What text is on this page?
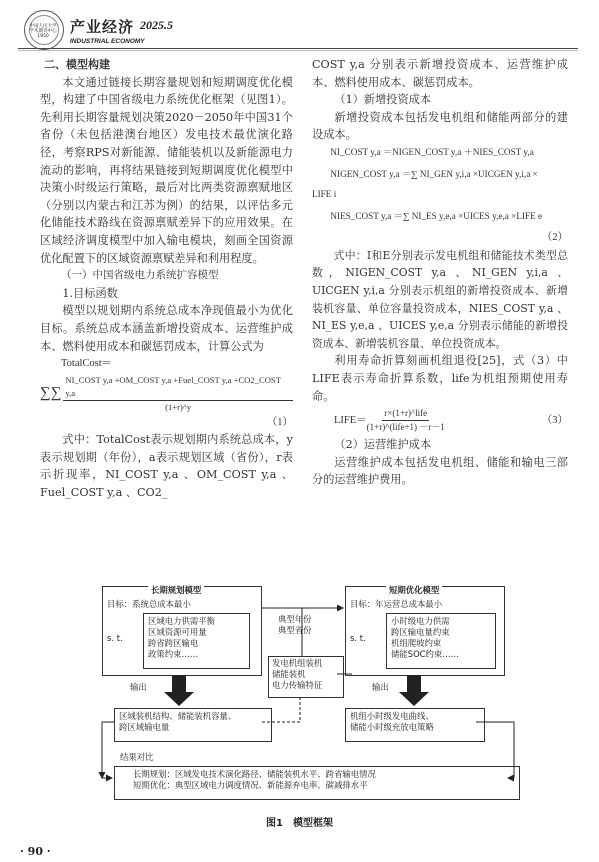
中国人民大学
学术期刊中心
1950
产业经济 2025.5
INDUSTRIAL ECONOMY

二、模型构建

本文通过链接长期容量规划和短期调度优化模型，构建了中国省级电力系统优化框架（见图1）。先利用长期容量规划决策2020－2050年中国31个省份（未包括港澳台地区）发电技术最优演化路径，考察RPS对新能源、储能装机以及新能源电力流动的影响，再将结果链接到短期调度优化模型中决策小时级运行策略，最后对比两类资源禀赋地区（分别以内蒙古和江苏为例）的结果，以评估多元化储能技术路线在资源禀赋差异下的应用效果。在区域经济调度模型中加入输电模块，刻画全国资源优化配置下的区域资源禀赋差异和利用程度。

（一）中国省级电力系统扩容模型

1.目标函数

模型以规划期内系统总成本净现值最小为优化目标。系统总成本涵盖新增投资成本、运营维护成本、燃料使用成本和碳惩罚成本，计算公式为

TotalCost＝

∑∑ $\frac{\text{NI\_COST y,a +OM\_COST y,a +Fuel\_COST y,a +CO2\_COST y,a}}{(1+r)\^{}y}$

（1）

式中：TotalCost表示规划期内系统总成本，y表示规划期（年份），a表示规划区域（省份），r表示折现率，NI_COST y,a 、OM_COST y,a 、Fuel_COST y,a 、CO2_

COST y,a 分别表示新增投资成本、运营维护成本、燃料使用成本、碳惩罚成本。

（1）新增投资成本

新增投资成本包括发电机组和储能两部分的建设成本。

NI_COST y,a ＝NIGEN_COST y,a ＋NIES_COST y,a

NIGEN_COST y,a ＝∑ NI_GEN y,i,a ×UICGEN y,i,a ×

LIFE i

NIES_COST y,a ＝∑ NI_ES y,e,a ×UICES y,e,a ×LIFE e

（2）

式中：I和E分别表示发电机组和储能技术类型总数，NIGEN_COST y,a 、NI_GEN y,i,a 、UICGEN y,i,a 分别表示机组的新增投资成本、新增装机容量、单位容量投资成本，NIES_COST y,a 、NI_ES y,e,a 、UICES y,e,a 分别表示储能的新增投资成本、新增装机容量、单位投资成本。

利用寿命折算刻画机组退役[25]，式（3）中LIFE表示寿命折算系数，life为机组预期使用寿命。

LIFE＝ $\frac{\text{r×(1+r)\textasciicircum{}life}}{\text{(1+r)\textasciicircum{}(life+1) －r－1}}$	（3）

（2）运营维护成本

运营维护成本包括发电机组、储能和输电三部分的运营维护费用。

长期规划模型
目标：系统总成本最小
s. t.
区域电力供需平衡
区域资源可用量
跨省跨区输电
政策约束……
短期优化模型
目标：年运营总成本最小
s. t.
小时级电力供需
跨区输电量约束
机组爬坡约束
储能SOC约束……
典型年份
典型省份
发电机组装机
储能装机
电力传输特征
输出	输出
区域装机结构、储能装机容量、
跨区域输电量
机组小时级发电曲线、
储能小时级充放电策略
结果对比
长期规划：区域发电技术演化路径、储能装机水平、跨省输电情况
短期优化：典型区域电力调度情况、新能源弃电率、碳减排水平
图1　模型框架
· 90 ·
